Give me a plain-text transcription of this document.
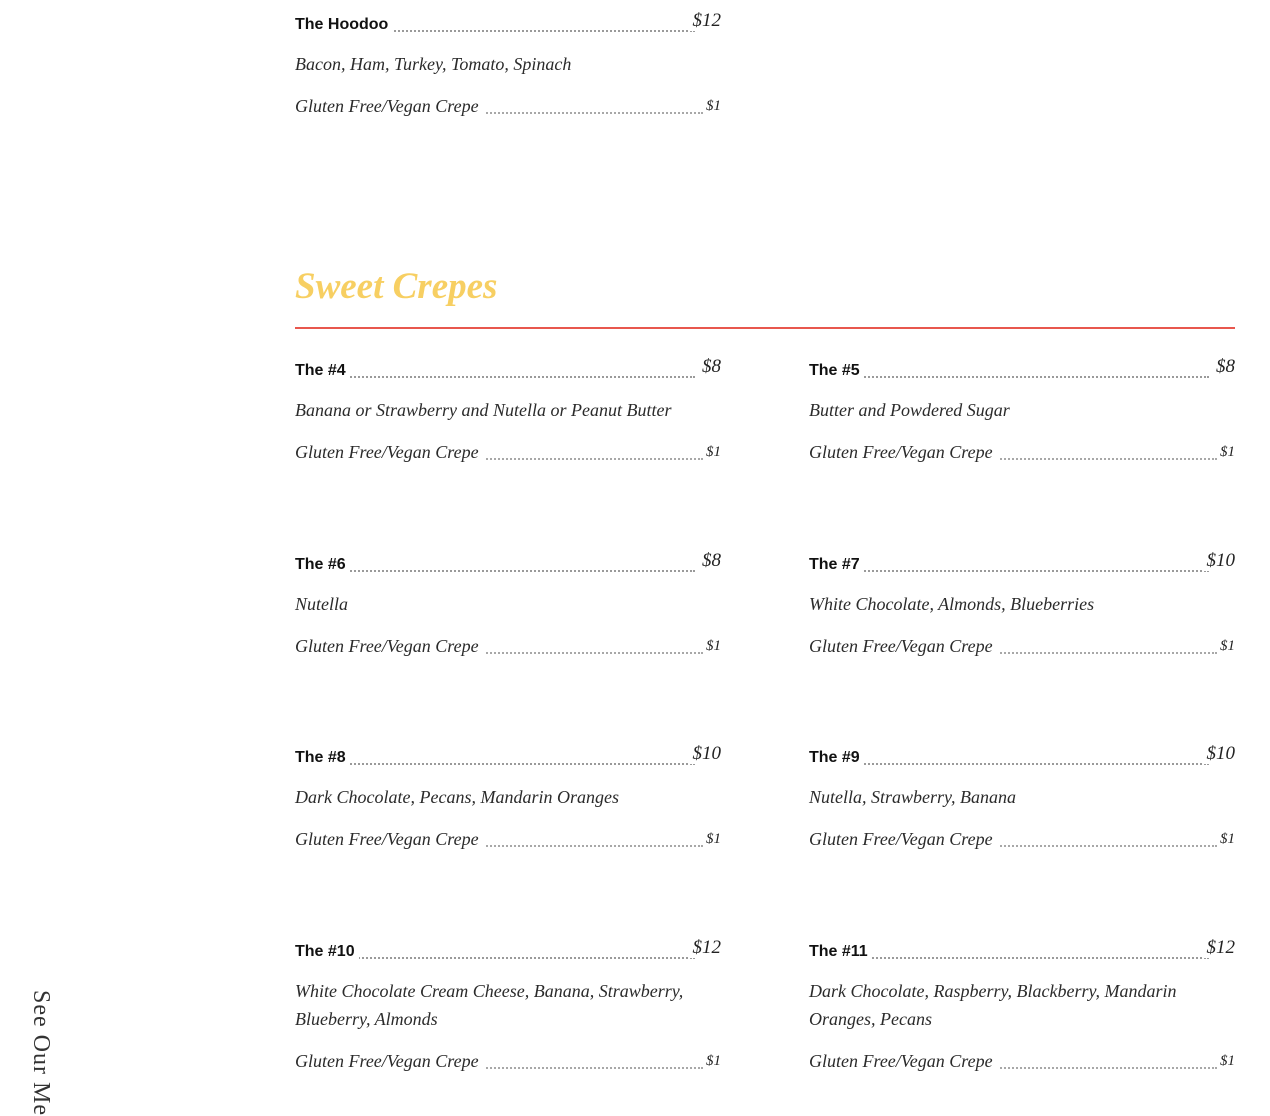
See Our Me
The Hoodoo	$12
Bacon, Ham, Turkey, Tomato, Spinach
Gluten Free/Vegan Crepe	$1
Sweet Crepes
The #4	$8
Banana or Strawberry and Nutella or Peanut Butter
Gluten Free/Vegan Crepe	$1
The #5	$8
Butter and Powdered Sugar
Gluten Free/Vegan Crepe	$1
The #6	$8
Nutella
Gluten Free/Vegan Crepe	$1
The #7	$10
White Chocolate, Almonds, Blueberries
Gluten Free/Vegan Crepe	$1
The #8	$10
Dark Chocolate, Pecans, Mandarin Oranges
Gluten Free/Vegan Crepe	$1
The #9	$10
Nutella, Strawberry, Banana
Gluten Free/Vegan Crepe	$1
The #10	$12
White Chocolate Cream Cheese, Banana, Strawberry, Blueberry, Almonds
Gluten Free/Vegan Crepe	$1
The #11	$12
Dark Chocolate, Raspberry, Blackberry, Mandarin Oranges, Pecans
Gluten Free/Vegan Crepe	$1
